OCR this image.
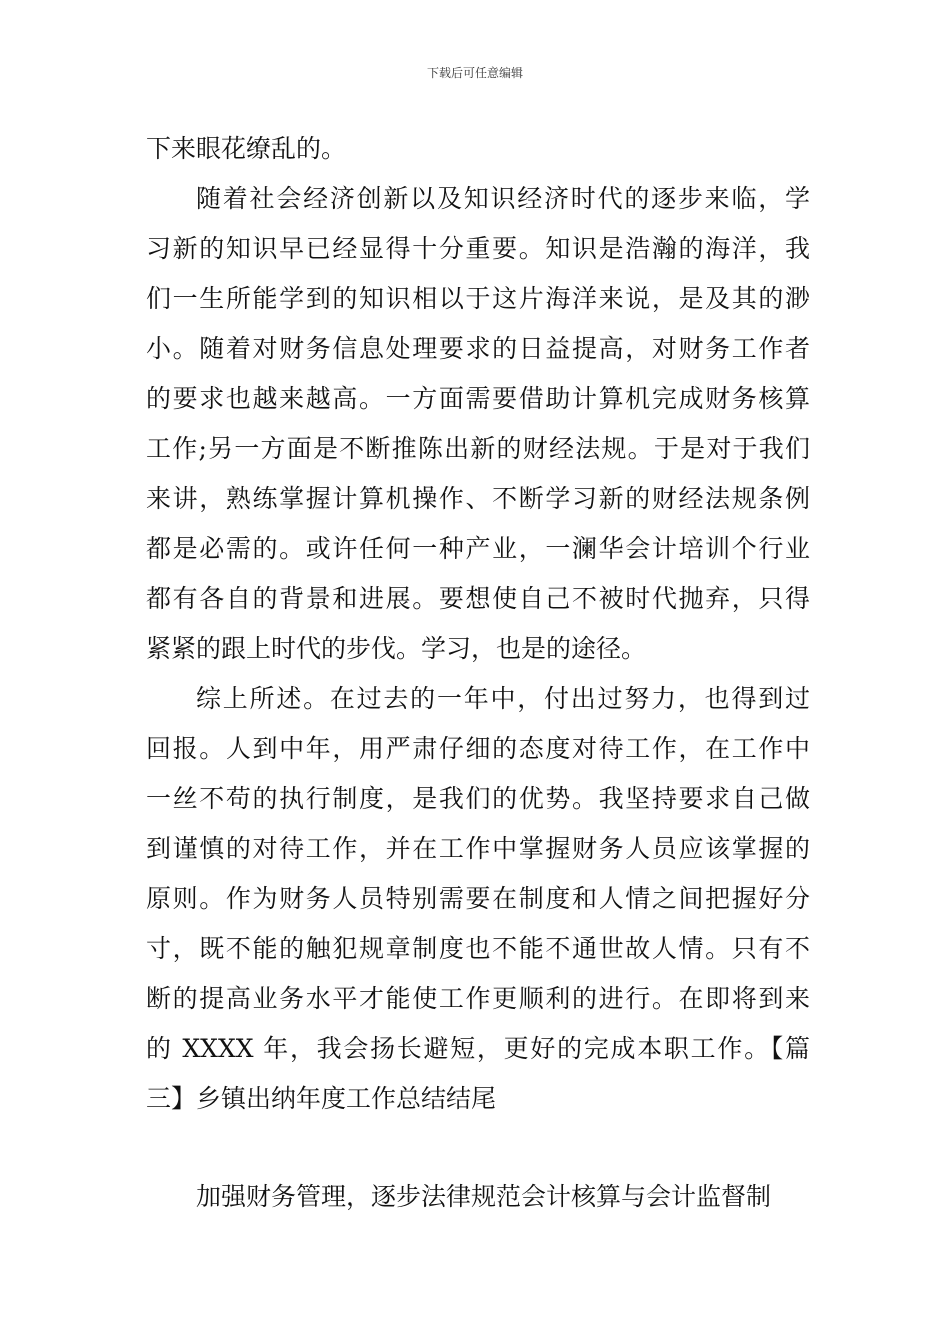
下载后可任意编辑
下来眼花缭乱的。
随着社会经济创新以及知识经济时代的逐步来临，学
习新的知识早已经显得十分重要。知识是浩瀚的海洋，我
们一生所能学到的知识相以于这片海洋来说，是及其的渺
小。随着对财务信息处理要求的日益提高，对财务工作者
的要求也越来越高。一方面需要借助计算机完成财务核算
工作;另一方面是不断推陈出新的财经法规。于是对于我们
来讲，熟练掌握计算机操作、不断学习新的财经法规条例
都是必需的。或许任何一种产业，一澜华会计培训个行业
都有各自的背景和进展。要想使自己不被时代抛弃，只得
紧紧的跟上时代的步伐。学习，也是的途径。
综上所述。在过去的一年中，付出过努力，也得到过
回报。人到中年，用严肃仔细的态度对待工作，在工作中
一丝不苟的执行制度，是我们的优势。我坚持要求自己做
到谨慎的对待工作，并在工作中掌握财务人员应该掌握的
原则。作为财务人员特别需要在制度和人情之间把握好分
寸，既不能的触犯规章制度也不能不通世故人情。只有不
断的提高业务水平才能使工作更顺利的进行。在即将到来
的 XXXX 年，我会扬长避短，更好的完成本职工作。【篇
三】乡镇出纳年度工作总结结尾
加强财务管理，逐步法律规范会计核算与会计监督制
